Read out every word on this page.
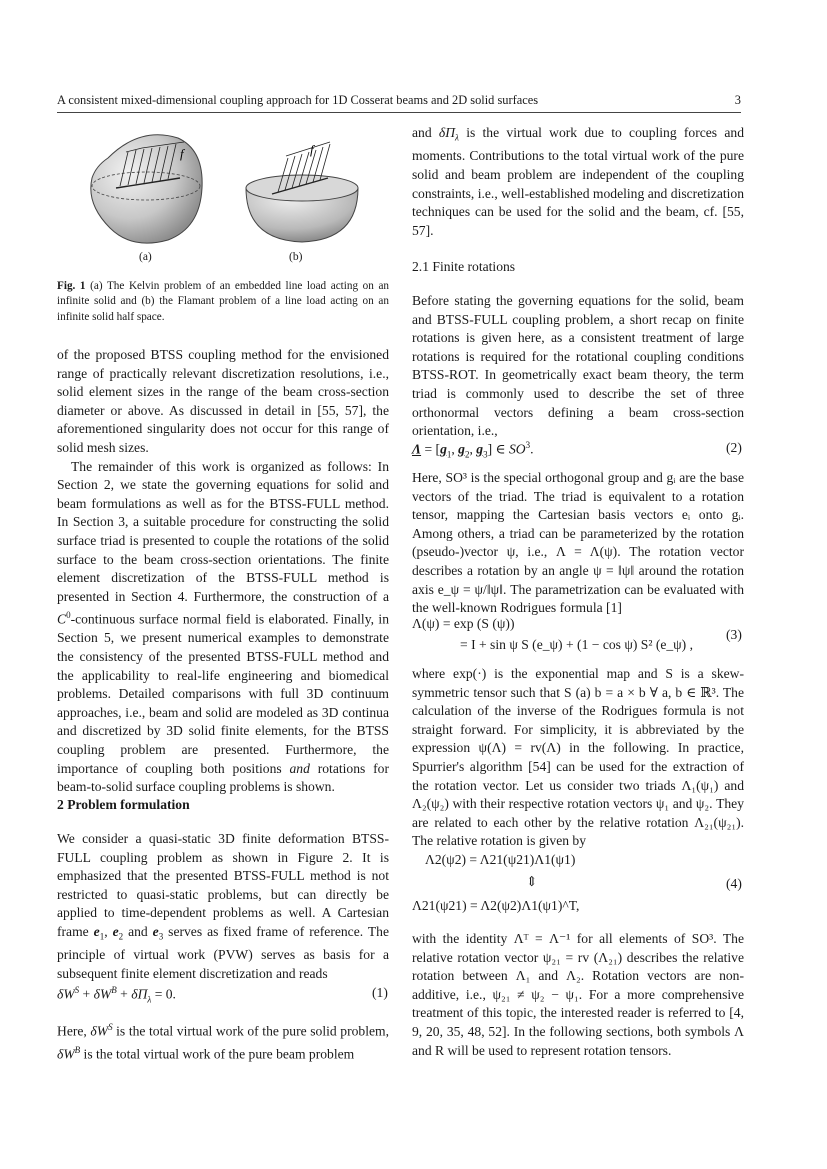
A consistent mixed-dimensional coupling approach for 1D Cosserat beams and 2D solid surfaces	3
f	f
(a)	(b)
Fig. 1 (a) The Kelvin problem of an embedded line load acting on an infinite solid and (b) the Flamant problem of a line load acting on an infinite solid half space.

of the proposed BTSS coupling method for the envisioned range of practically relevant discretization resolutions, i.e., solid element sizes in the range of the beam cross-section diameter or above. As discussed in detail in [55, 57], the aforementioned singularity does not occur for this range of solid mesh sizes.

The remainder of this work is organized as follows: In Section 2, we state the governing equations for solid and beam formulations as well as for the BTSS-FULL method. In Section 3, a suitable procedure for constructing the solid surface triad is presented to couple the rotations of the solid surface to the beam cross-section orientations. The finite element discretization of the BTSS-FULL method is presented in Section 4. Furthermore, the construction of a $C^0$-continuous surface normal field is elaborated. Finally, in Section 5, we present numerical examples to demonstrate the consistency of the presented BTSS-FULL method and the applicability to real-life engineering and biomedical problems. Detailed comparisons with full 3D continuum approaches, i.e., beam and solid are modeled as 3D continua and discretized by 3D solid finite elements, for the BTSS coupling problem are presented. Furthermore, the importance of coupling both positions and rotations for beam-to-solid surface coupling problems is shown.

2 Problem formulation

We consider a quasi-static 3D finite deformation BTSS-FULL coupling problem as shown in Figure 2. It is emphasized that the presented BTSS-FULL method is not restricted to quasi-static problems, but can directly be applied to time-dependent problems as well. A Cartesian frame $e_1$, $e_2$ and $e_3$ serves as fixed frame of reference. The principle of virtual work (PVW) serves as basis for a subsequent finite element discretization and reads

$\delta W^S + \delta W^B + \delta\Pi_\lambda = 0$.	(1)

Here, $\delta W^S$ is the total virtual work of the pure solid problem, $\delta W^B$ is the total virtual work of the pure beam problem

and $\delta\Pi_\lambda$ is the virtual work due to coupling forces and moments. Contributions to the total virtual work of the pure solid and beam problem are independent of the coupling constraints, i.e., well-established modeling and discretization techniques can be used for the solid and the beam, cf. [55, 57].

2.1 Finite rotations
Before stating the governing equations for the solid, beam and BTSS-FULL coupling problem, a short recap on finite rotations is given here, as a consistent treatment of large rotations is required for the rotational coupling conditions BTSS-ROT. In geometrically exact beam theory, the term triad is commonly used to describe the set of three orthonormal vectors defining a beam cross-section orientation, i.e.,
$\Lambda = [g_1$, $g_2$, $g_3$] ∈ $SO^3$.	(2)
Here, SO³ is the special orthogonal group and gᵢ are the base vectors of the triad. The triad is equivalent to a rotation tensor, mapping the Cartesian basis vectors eᵢ onto gᵢ. Among others, a triad can be parameterized by the rotation (pseudo-)vector ψ, i.e., Λ = Λ(ψ). The rotation vector describes a rotation by an angle ψ = ‖ψ‖ around the rotation axis e_ψ = ψ/‖ψ‖. The parametrization can be evaluated with the well-known Rodrigues formula [1]
Λ(ψ) = exp (S (ψ))
= I + sin ψ S (e_ψ) + (1 − cos ψ) S² (e_ψ) ,
(3)
where exp(·) is the exponential map and S is a skew-symmetric tensor such that S (a) b = a × b ∀ a, b ∈ ℝ³. The calculation of the inverse of the Rodrigues formula is not straight forward. For simplicity, it is abbreviated by the expression ψ(Λ) = rv(Λ) in the following. In practice, Spurrier's algorithm [54] can be used for the extraction of the rotation vector. Let us consider two triads Λ₁(ψ₁) and Λ₂(ψ₂) with their respective rotation vectors ψ₁ and ψ₂. They are related to each other by the relative rotation Λ₂₁(ψ₂₁). The relative rotation is given by
Λ2(ψ2) = Λ21(ψ21)Λ1(ψ1)
⇕
Λ21(ψ21) = Λ2(ψ2)Λ1(ψ1)^T,
(4)
with the identity Λᵀ = Λ⁻¹ for all elements of SO³. The relative rotation vector ψ₂₁ = rv (Λ₂₁) describes the relative rotation between Λ₁ and Λ₂. Rotation vectors are non-additive, i.e., ψ₂₁ ≠ ψ₂ − ψ₁. For a more comprehensive treatment of this topic, the interested reader is referred to [4, 9, 20, 35, 48, 52]. In the following sections, both symbols Λ and R will be used to represent rotation tensors.
